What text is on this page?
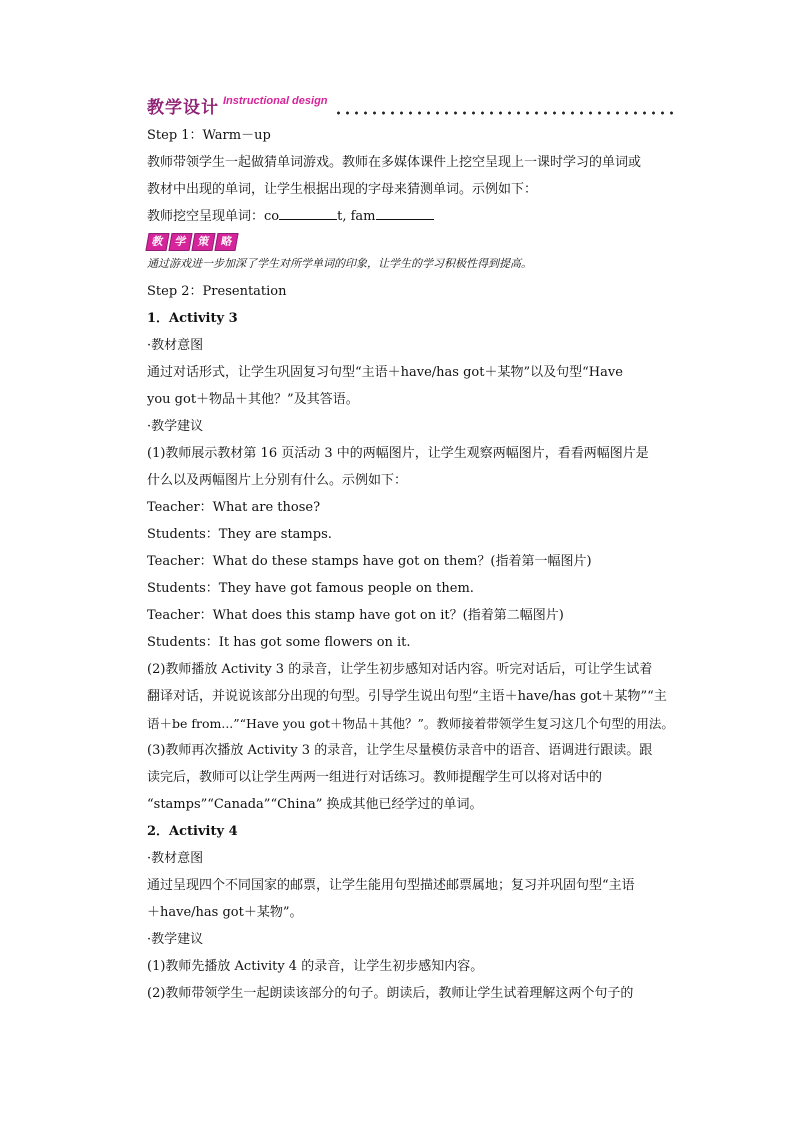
教学设计 Instructional design

Step 1：Warm－up

教师带领学生一起做猜单词游戏。教师在多媒体课件上挖空呈现上一课时学习的单词或

教材中出现的单词，让学生根据出现的字母来猜测单词。示例如下：

教师挖空呈现单词：co	t, fam

教 学 策 略

通过游戏进一步加深了学生对所学单词的印象，让学生的学习积极性得到提高。

Step 2：Presentation

1．Activity 3

·教材意图

通过对话形式，让学生巩固复习句型“主语＋have/has got＋某物”以及句型“Have

you got＋物品＋其他？”及其答语。

·教学建议

(1)教师展示教材第 16 页活动 3 中的两幅图片，让学生观察两幅图片，看看两幅图片是

什么以及两幅图片上分别有什么。示例如下：

Teacher：What are those?

Students：They are stamps.

Teacher：What do these stamps have got on them？(指着第一幅图片)

Students：They have got famous people on them.

Teacher：What does this stamp have got on it？(指着第二幅图片)

Students：It has got some flowers on it.

(2)教师播放 Activity 3 的录音，让学生初步感知对话内容。听完对话后，可让学生试着

翻译对话，并说说该部分出现的句型。引导学生说出句型“主语＋have/has got＋某物”“主

语＋be from...”“Have you got＋物品＋其他？”。教师接着带领学生复习这几个句型的用法。

(3)教师再次播放 Activity 3 的录音，让学生尽量模仿录音中的语音、语调进行跟读。跟

读完后，教师可以让学生两两一组进行对话练习。教师提醒学生可以将对话中的

“stamps”“Canada”“China” 换成其他已经学过的单词。

2．Activity 4

·教材意图

通过呈现四个不同国家的邮票，让学生能用句型描述邮票属地；复习并巩固句型“主语

＋have/has got＋某物”。

·教学建议

(1)教师先播放 Activity 4 的录音，让学生初步感知内容。

(2)教师带领学生一起朗读该部分的句子。朗读后，教师让学生试着理解这两个句子的
